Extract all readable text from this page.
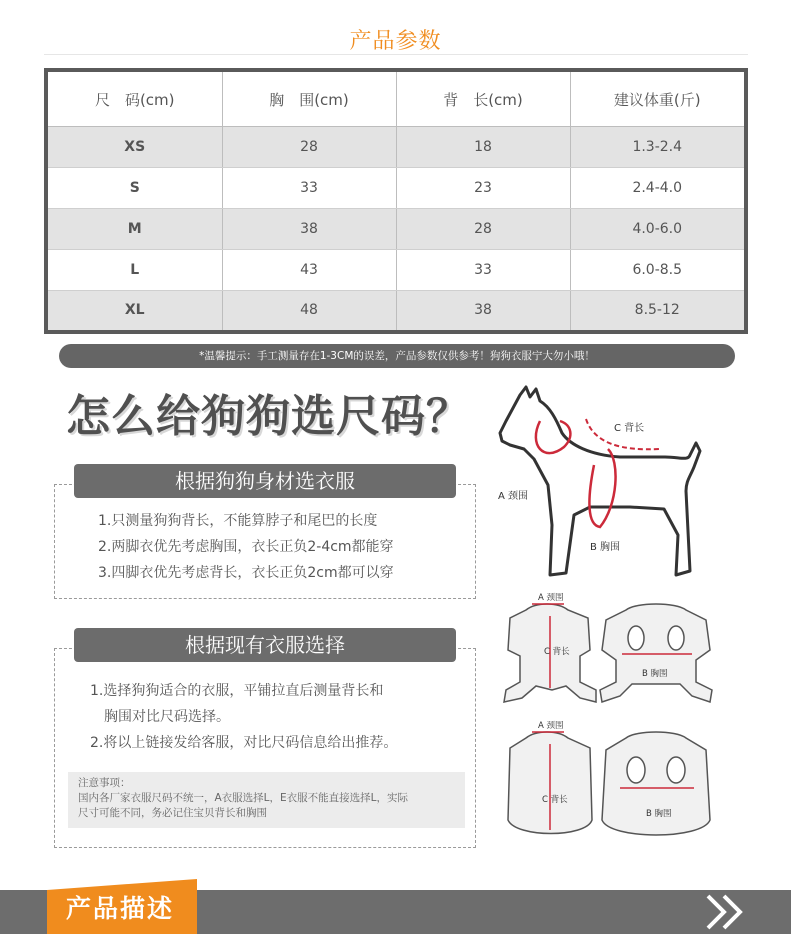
产品参数
尺　码(cm)	胸　围(cm)	背　长(cm)	建议体重(斤)
XS	28	18	1.3-2.4
S	33	23	2.4-4.0
M	38	28	4.0-6.0
L	43	33	6.0-8.5
XL	48	38	8.5-12
*温馨提示：手工测量存在1-3CM的误差，产品参数仅供参考！狗狗衣服宁大勿小哦！
怎么给狗狗选尺码？
根据狗狗身材选衣服
1.只测量狗狗背长，不能算脖子和尾巴的长度
2.两脚衣优先考虑胸围，衣长正负2-4cm都能穿
3.四脚衣优先考虑背长，衣长正负2cm都可以穿
根据现有衣服选择
1.选择狗狗适合的衣服，平铺拉直后测量背长和
胸围对比尺码选择。
2.将以上链接发给客服，对比尺码信息给出推荐。
注意事项：
国内各厂家衣服尺码不统一，A衣服选择L，E衣服不能直接选择L，实际
尺寸可能不同，务必记住宝贝背长和胸围
C 背长
A 颈围
B 胸围
A 颈围
C 背长
B 胸围
A 颈围
C 背长
B 胸围
产品描述
